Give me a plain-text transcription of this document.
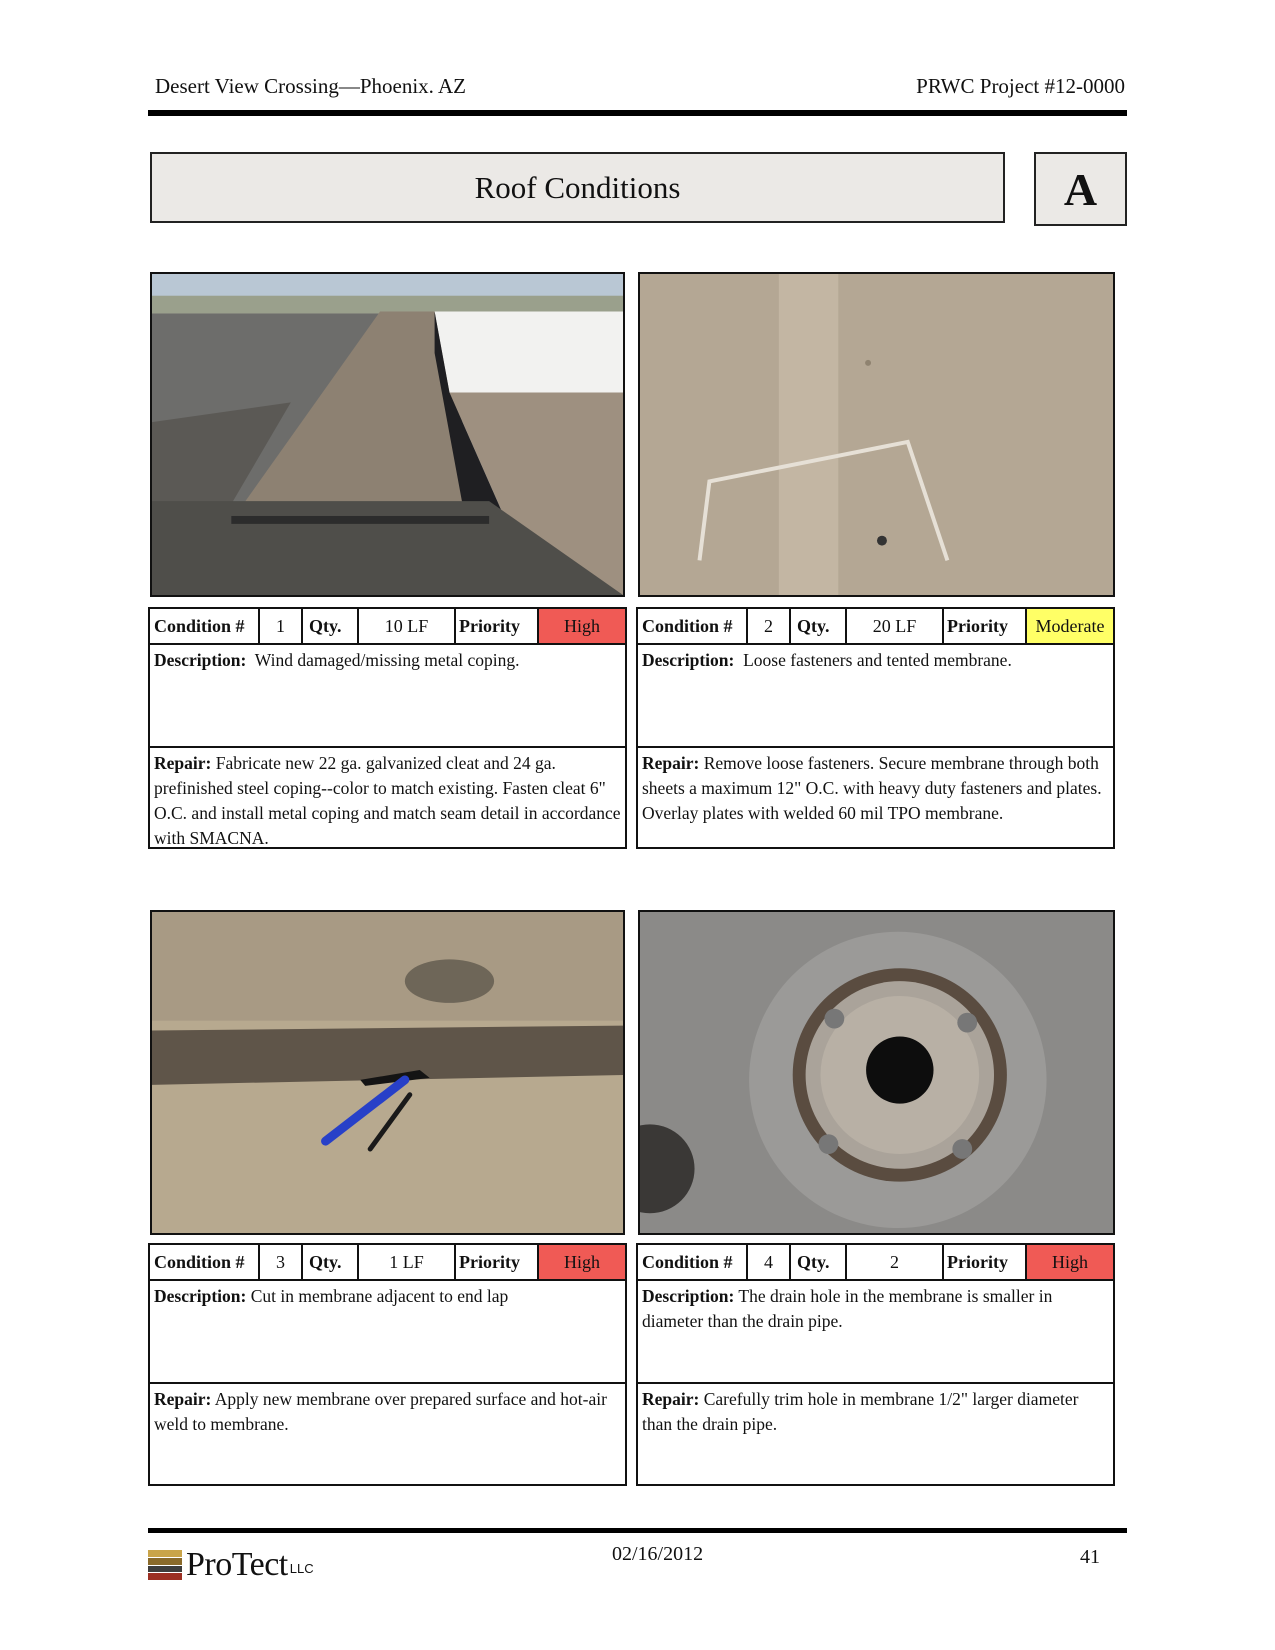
Desert View Crossing—Phoenix. AZ	PRWC Project #12-0000
Roof Conditions	A
Condition #	1	Qty.	10 LF	Priority	High
Description: Wind damaged/missing metal coping.
Repair: Fabricate new 22 ga. galvanized cleat and 24 ga. prefinished steel coping--color to match existing. Fasten cleat 6" O.C. and install metal coping and match seam detail in accordance with SMACNA.
Condition #	2	Qty.	20 LF	Priority	Moderate
Description: Loose fasteners and tented membrane.
Repair: Remove loose fasteners. Secure membrane through both sheets a maximum 12" O.C. with heavy duty fasteners and plates. Overlay plates with welded 60 mil TPO membrane.
Condition #	3	Qty.	1 LF	Priority	High
Description: Cut in membrane adjacent to end lap
Repair: Apply new membrane over prepared surface and hot-air weld to membrane.
Condition #	4	Qty.	2	Priority	High
Description: The drain hole in the membrane is smaller in diameter than the drain pipe.
Repair: Carefully trim hole in membrane 1/2" larger diameter than the drain pipe.
ProTect LLC
02/16/2012	41
